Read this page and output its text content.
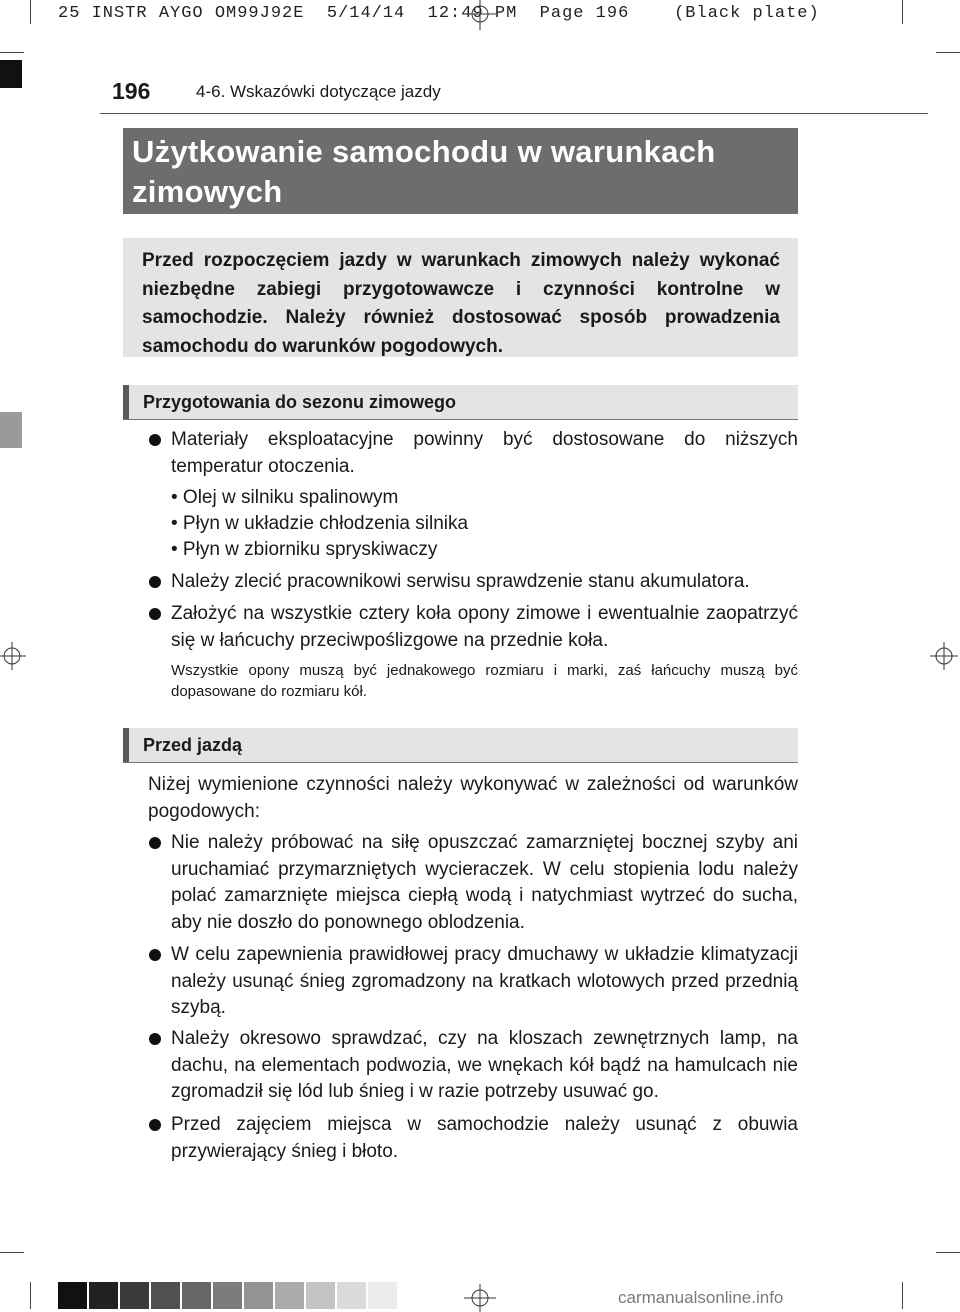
25 INSTR AYGO OM99J92E  5/14/14  12:49 PM  Page 196    (Black plate)
196	4-6. Wskazówki dotyczące jazdy
Użytkowanie samochodu w warunkach
zimowych
Przed rozpoczęciem jazdy w warunkach zimowych należy wykonać niezbędne zabiegi przygotowawcze i czynności kontrolne w samochodzie. Należy również dostosować sposób prowadzenia samochodu do warunków pogodowych.
Przygotowania do sezonu zimowego
Materiały eksploatacyjne powinny być dostosowane do niższych temperatur otoczenia.
• Olej w silniku spalinowym
• Płyn w układzie chłodzenia silnika
• Płyn w zbiorniku spryskiwaczy
Należy zlecić pracownikowi serwisu sprawdzenie stanu akumulatora.
Założyć na wszystkie cztery koła opony zimowe i ewentualnie zaopatrzyć się w łańcuchy przeciwpoślizgowe na przednie koła.
Wszystkie opony muszą być jednakowego rozmiaru i marki, zaś łańcuchy muszą być dopasowane do rozmiaru kół.
Przed jazdą
Niżej wymienione czynności należy wykonywać w zależności od warunków pogodowych:
Nie należy próbować na siłę opuszczać zamarzniętej bocznej szyby ani uruchamiać przymarzniętych wycieraczek. W celu stopienia lodu należy polać zamarznięte miejsca ciepłą wodą i natychmiast wytrzeć do sucha, aby nie doszło do ponownego oblodzenia.
W celu zapewnienia prawidłowej pracy dmuchawy w układzie klimatyzacji należy usunąć śnieg zgromadzony na kratkach wlotowych przed przednią szybą.
Należy okresowo sprawdzać, czy na kloszach zewnętrznych lamp, na dachu, na elementach podwozia, we wnękach kół bądź na hamulcach nie zgromadził się lód lub śnieg i w razie potrzeby usuwać go.
Przed zajęciem miejsca w samochodzie należy usunąć z obuwia przywierający śnieg i błoto.
carmanualsonline.info
